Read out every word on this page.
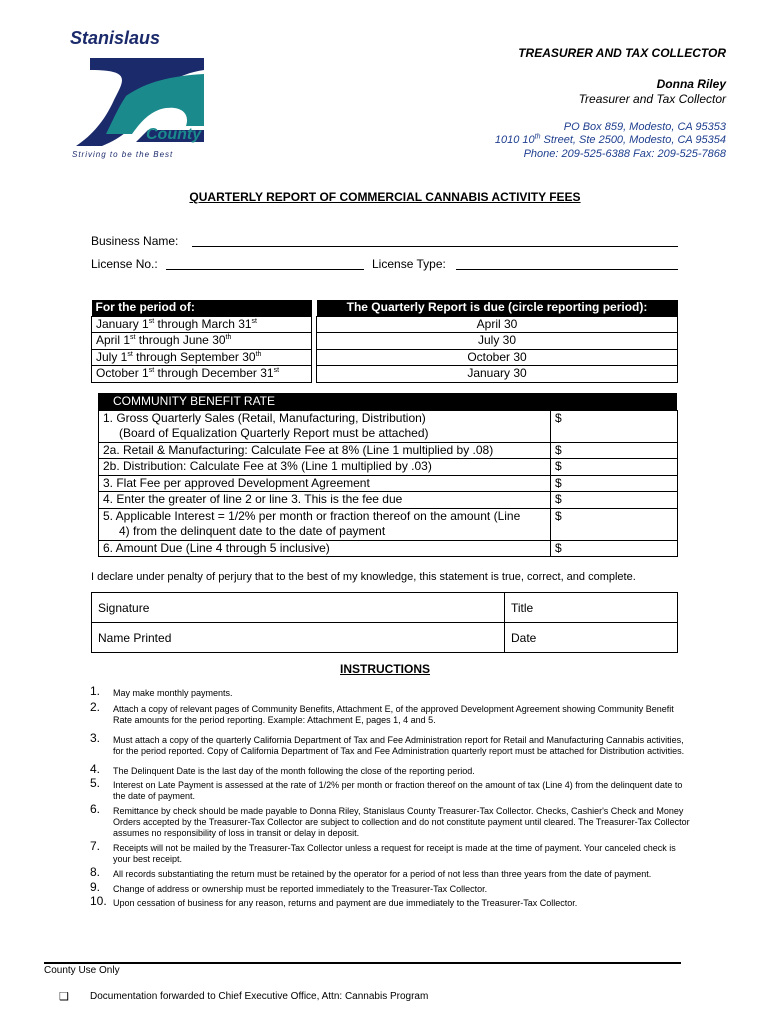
Stanislaus
County
Striving to be the Best
TREASURER AND TAX COLLECTOR
Donna Riley
Treasurer and Tax Collector
PO Box 859, Modesto, CA 95353
1010 10th Street, Ste 2500, Modesto, CA 95354
Phone: 209-525-6388 Fax: 209-525-7868
QUARTERLY REPORT OF COMMERCIAL CANNABIS ACTIVITY FEES
Business Name:
License No.:	License Type:
For the period of:		The Quarterly Report is due (circle reporting period):
January 1st through March 31st		April 30
April 1st through June 30th		July 30
July 1st through September 30th		October 30
October 1st through December 31st		January 30
COMMUNITY BENEFIT RATE	

1. Gross Quarterly Sales (Retail, Manufacturing, Distribution)
(Board of Equalization Quarterly Report must be attached)	$
2a. Retail & Manufacturing: Calculate Fee at 8% (Line 1 multiplied by .08)	$
2b. Distribution: Calculate Fee at 3% (Line 1 multiplied by .03)	$
3. Flat Fee per approved Development Agreement	$
4. Enter the greater of line 2 or line 3. This is the fee due	$

5. Applicable Interest = 1/2% per month or fraction thereof on the amount (Line
4) from the delinquent date to the date of payment	$
6. Amount Due (Line 4 through 5 inclusive)	$
I declare under penalty of perjury that to the best of my knowledge, this statement is true, correct, and complete.
Signature	Title
Name Printed	Date
INSTRUCTIONS
1. May make monthly payments.
2. Attach a copy of relevant pages of Community Benefits, Attachment E, of the approved Development Agreement showing Community Benefit Rate amounts for the period reporting. Example: Attachment E, pages 1, 4 and 5.
3. Must attach a copy of the quarterly California Department of Tax and Fee Administration report for Retail and Manufacturing Cannabis activities, for the period reported. Copy of California Department of Tax and Fee Administration quarterly report must be attached for Distribution activities.
4. The Delinquent Date is the last day of the month following the close of the reporting period.
5. Interest on Late Payment is assessed at the rate of 1/2% per month or fraction thereof on the amount of tax (Line 4) from the delinquent date to the date of payment.
6. Remittance by check should be made payable to Donna Riley, Stanislaus County Treasurer-Tax Collector. Checks, Cashier's Check and Money Orders accepted by the Treasurer-Tax Collector are subject to collection and do not constitute payment until cleared. The Treasurer-Tax Collector assumes no responsibility of loss in transit or delay in deposit.
7. Receipts will not be mailed by the Treasurer-Tax Collector unless a request for receipt is made at the time of payment. Your canceled check is your best receipt.
8. All records substantiating the return must be retained by the operator for a period of not less than three years from the date of payment.
9. Change of address or ownership must be reported immediately to the Treasurer-Tax Collector.
10. Upon cessation of business for any reason, returns and payment are due immediately to the Treasurer-Tax Collector.
County Use Only
❑ Documentation forwarded to Chief Executive Office, Attn: Cannabis Program
